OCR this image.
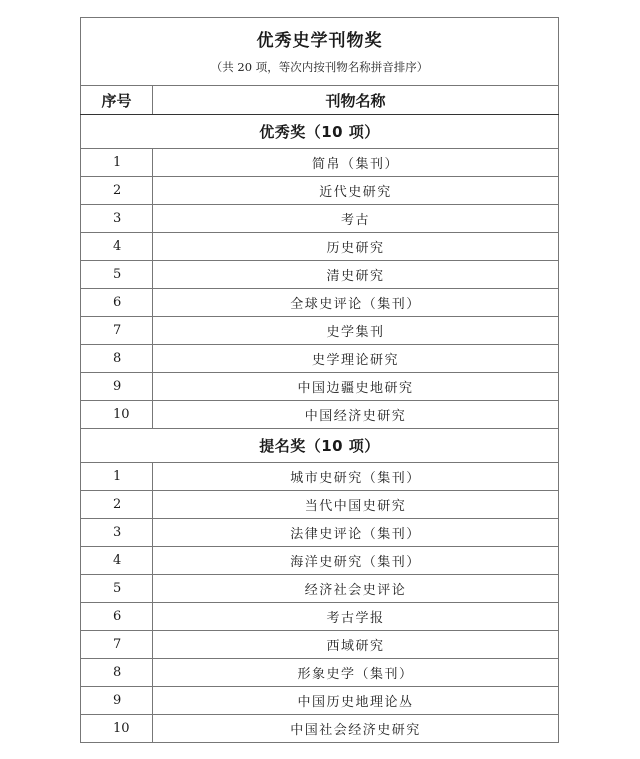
优秀史学刊物奖
（共 20 项，等次内按刊物名称拼音排序）	

序号	刊物名称
优秀奖（10 项）	
1	简帛（集刊）
2	近代史研究
3	考古
4	历史研究
5	清史研究
6	全球史评论（集刊）
7	史学集刊
8	史学理论研究
9	中国边疆史地研究
10	中国经济史研究
提名奖（10 项）	
1	城市史研究（集刊）
2	当代中国史研究
3	法律史评论（集刊）
4	海洋史研究（集刊）
5	经济社会史评论
6	考古学报
7	西域研究
8	形象史学（集刊）
9	中国历史地理论丛
10	中国社会经济史研究
